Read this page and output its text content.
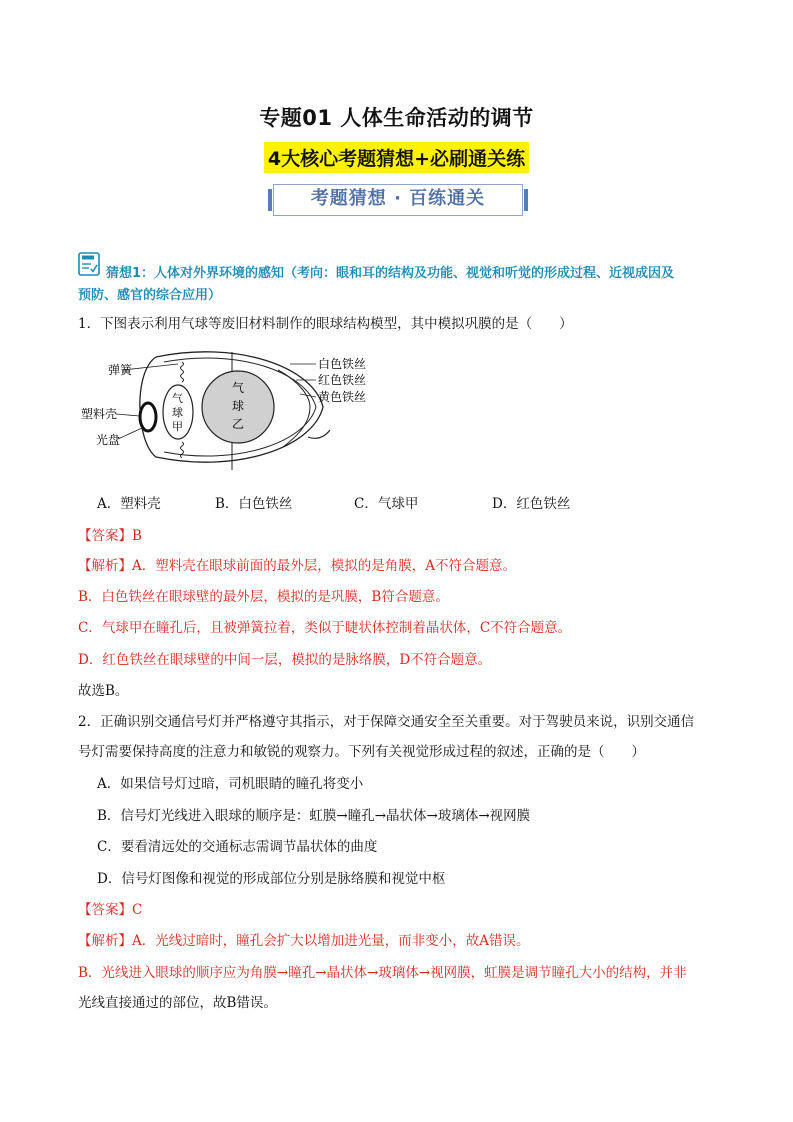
专题01 人体生命活动的调节
4大核心考题猜想+必刷通关练
考题猜想 · 百练通关
猜想1：人体对外界环境的感知（考向：眼和耳的结构及功能、视觉和听觉的形成过程、近视成因及
预防、感官的综合应用）
1．下图表示利用气球等废旧材料制作的眼球结构模型，其中模拟巩膜的是（　　）
弹簧
塑料壳
光盘
气
球
甲
气
球
乙
白色铁丝
红色铁丝
黄色铁丝
A．塑料壳	B．白色铁丝	C．气球甲	D．红色铁丝
【答案】B
【解析】A．塑料壳在眼球前面的最外层，模拟的是角膜，A不符合题意。
B．白色铁丝在眼球壁的最外层，模拟的是巩膜，B符合题意。
C．气球甲在瞳孔后，且被弹簧拉着，类似于睫状体控制着晶状体，C不符合题意。
D．红色铁丝在眼球壁的中间一层，模拟的是脉络膜，D不符合题意。
故选B。
2．正确识别交通信号灯并严格遵守其指示，对于保障交通安全至关重要。对于驾驶员来说，识别交通信
号灯需要保持高度的注意力和敏锐的观察力。下列有关视觉形成过程的叙述，正确的是（　　）
A．如果信号灯过暗，司机眼睛的瞳孔将变小
B．信号灯光线进入眼球的顺序是：虹膜→瞳孔→晶状体→玻璃体→视网膜
C．要看清远处的交通标志需调节晶状体的曲度
D．信号灯图像和视觉的形成部位分别是脉络膜和视觉中枢
【答案】C
【解析】A．光线过暗时，瞳孔会扩大以增加进光量，而非变小，故A错误。
B．光线进入眼球的顺序应为角膜→瞳孔→晶状体→玻璃体→视网膜，虹膜是调节瞳孔大小的结构，并非
光线直接通过的部位，故B错误。
